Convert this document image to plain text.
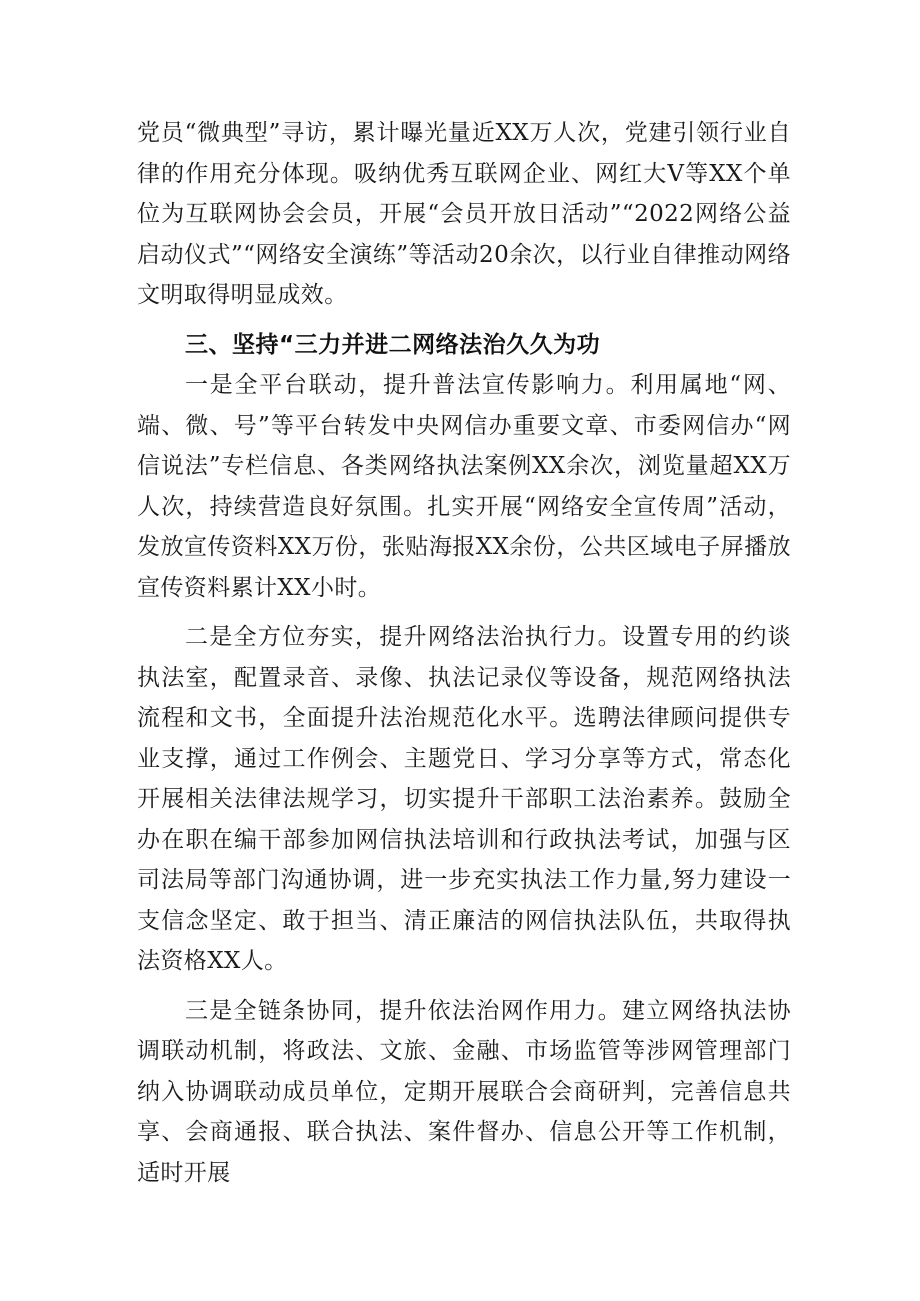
党员“微典型”寻访，累计曝光量近XX万人次，党建引领行业自律的作用充分体现。吸纳优秀互联网企业、网红大V等XX个单位为互联网协会会员，开展“会员开放日活动”“2022网络公益启动仪式”“网络安全演练”等活动20余次，以行业自律推动网络文明取得明显成效。

三、坚持“三力并进二网络法治久久为功

一是全平台联动，提升普法宣传影响力。利用属地“网、端、微、号”等平台转发中央网信办重要文章、市委网信办“网信说法”专栏信息、各类网络执法案例XX余次，浏览量超XX万人次，持续营造良好氛围。扎实开展“网络安全宣传周”活动，发放宣传资料XX万份，张贴海报XX余份，公共区域电子屏播放宣传资料累计XX小时。

二是全方位夯实，提升网络法治执行力。设置专用的约谈执法室，配置录音、录像、执法记录仪等设备，规范网络执法流程和文书，全面提升法治规范化水平。选聘法律顾问提供专业支撑，通过工作例会、主题党日、学习分享等方式，常态化开展相关法律法规学习，切实提升干部职工法治素养。鼓励全办在职在编干部参加网信执法培训和行政执法考试，加强与区司法局等部门沟通协调，进一步充实执法工作力量,努力建设一支信念坚定、敢于担当、清正廉洁的网信执法队伍，共取得执法资格XX人。

三是全链条协同，提升依法治网作用力。建立网络执法协调联动机制，将政法、文旅、金融、市场监管等涉网管理部门纳入协调联动成员单位，定期开展联合会商研判，完善信息共享、会商通报、联合执法、案件督办、信息公开等工作机制，适时开展
